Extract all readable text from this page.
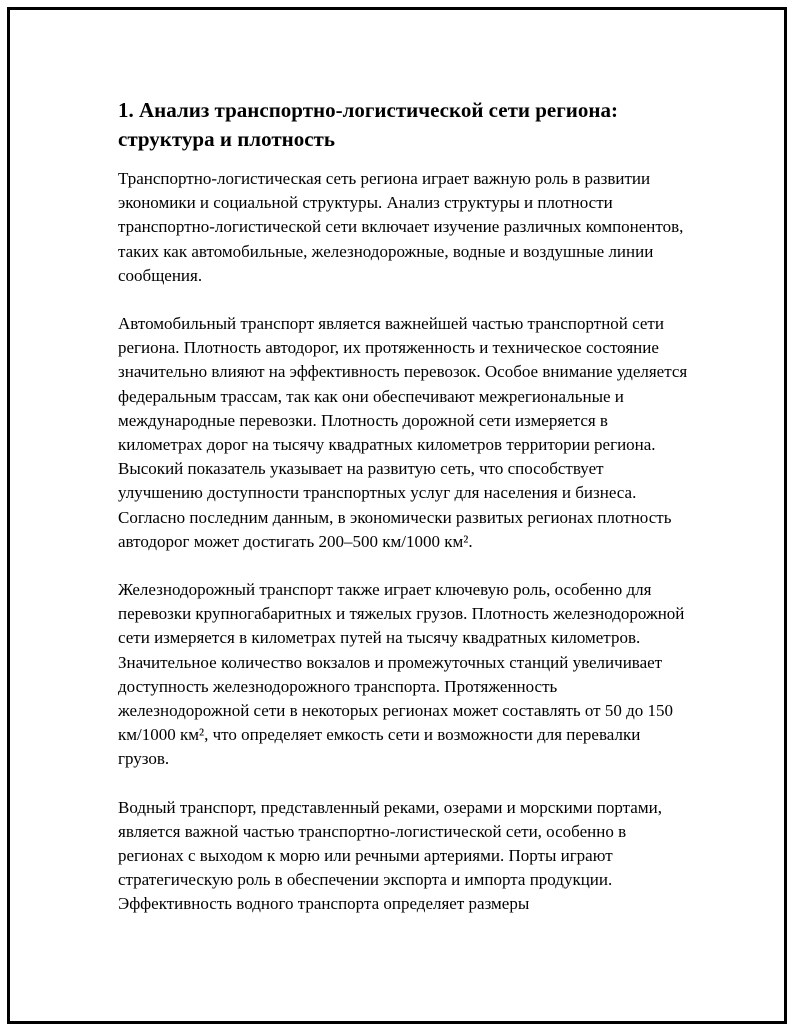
1. Анализ транспортно-логистической сети региона: структура и плотность

Транспортно-логистическая сеть региона играет важную роль в развитии экономики и социальной структуры. Анализ структуры и плотности транспортно-логистической сети включает изучение различных компонентов, таких как автомобильные, железнодорожные, водные и воздушные линии сообщения.

Автомобильный транспорт является важнейшей частью транспортной сети региона. Плотность автодорог, их протяженность и техническое состояние значительно влияют на эффективность перевозок. Особое внимание уделяется федеральным трассам, так как они обеспечивают межрегиональные и международные перевозки. Плотность дорожной сети измеряется в километрах дорог на тысячу квадратных километров территории региона. Высокий показатель указывает на развитую сеть, что способствует улучшению доступности транспортных услуг для населения и бизнеса. Согласно последним данным, в экономически развитых регионах плотность автодорог может достигать 200–500 км/1000 км².

Железнодорожный транспорт также играет ключевую роль, особенно для перевозки крупногабаритных и тяжелых грузов. Плотность железнодорожной сети измеряется в километрах путей на тысячу квадратных километров. Значительное количество вокзалов и промежуточных станций увеличивает доступность железнодорожного транспорта. Протяженность железнодорожной сети в некоторых регионах может составлять от 50 до 150 км/1000 км², что определяет емкость сети и возможности для перевалки грузов.

Водный транспорт, представленный реками, озерами и морскими портами, является важной частью транспортно-логистической сети, особенно в регионах с выходом к морю или речными артериями. Порты играют стратегическую роль в обеспечении экспорта и импорта продукции. Эффективность водного транспорта определяет размеры
